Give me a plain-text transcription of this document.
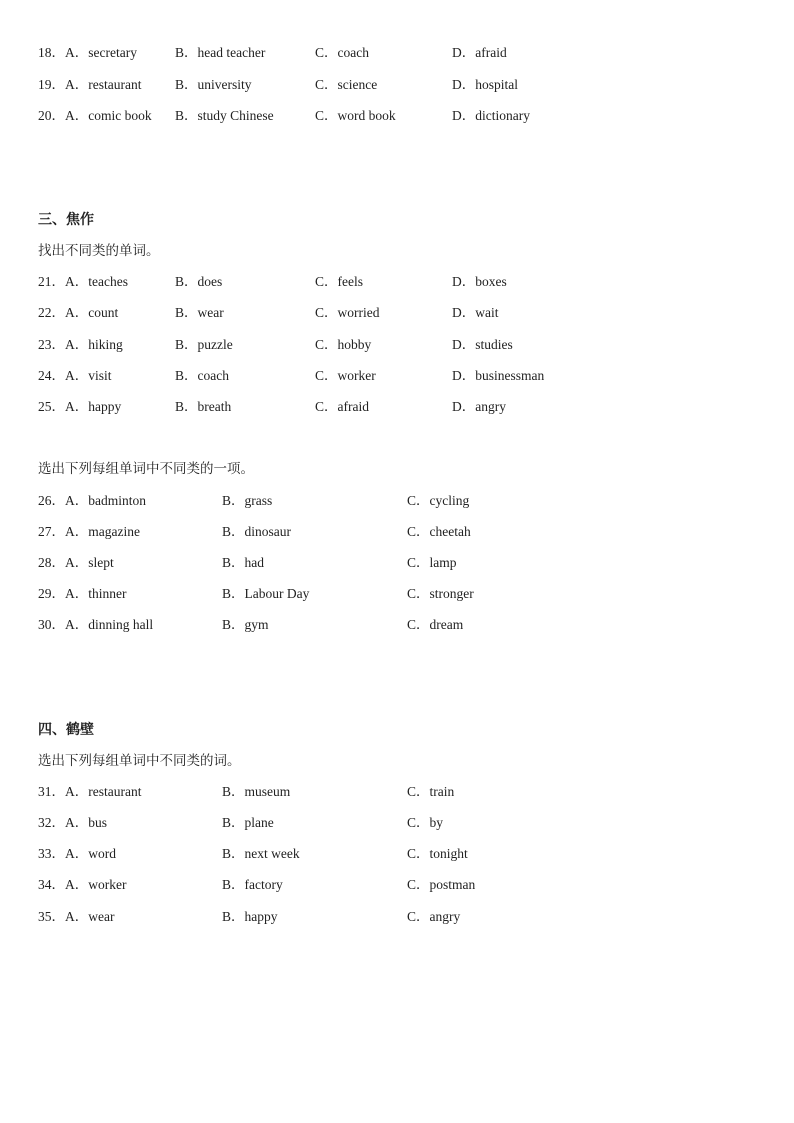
18．A．secretary	B．head teacher	C．coach	D．afraid
19．A．restaurant B．university	C．science	D．hospital
20．A．comic book B．study Chinese	C．word book	D．dictionary
三、焦作
找出不同类的单词。
21．A．teaches	B．does	C．feels	D．boxes
22．A．count	B．wear	C．worried	D．wait
23．A．hiking	B．puzzle	C．hobby	D．studies
24．A．visit	B．coach	C．worker	D．businessman
25．A．happy	B．breath	C．afraid	D．angry
选出下列每组单词中不同类的一项。
26．A．badminton	B．grass	C．cycling
27．A．magazine	B．dinosaur	C．cheetah
28．A．slept	B．had	C．lamp
29．A．thinner	B．Labour Day	C．stronger
30．A．dinning hall	B．gym	C．dream
四、鹤壁
选出下列每组单词中不同类的词。
31．A．restaurant	B．museum	C．train
32．A．bus	B．plane	C．by
33．A．word	B．next week	C．tonight
34．A．worker	B．factory	C．postman
35．A．wear	B．happy	C．angry
